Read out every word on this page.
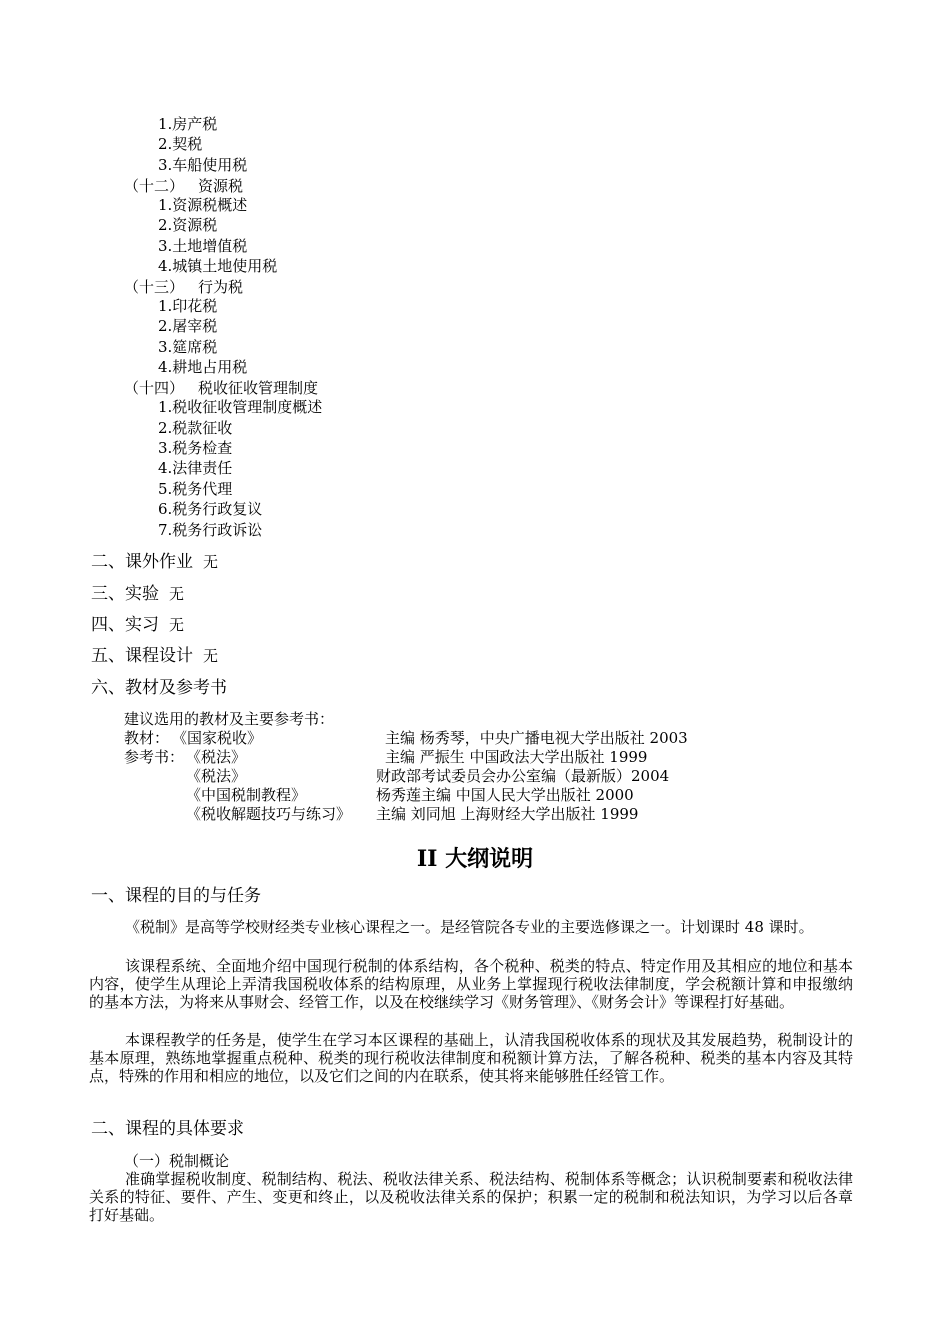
1.房产税
2.契税
3.车船使用税
（十二） 资源税
1.资源税概述
2.资源税
3.土地增值税
4.城镇土地使用税
（十三） 行为税
1.印花税
2.屠宰税
3.筵席税
4.耕地占用税
（十四） 税收征收管理制度
1.税收征收管理制度概述
2.税款征收
3.税务检查
4.法律责任
5.税务代理
6.税务行政复议
7.税务行政诉讼
二、课外作业 无
三、实验 无
四、实习 无
五、课程设计 无
六、教材及参考书
建议选用的教材及主要参考书：
教材： 《国家税收》	主编 杨秀琴，中央广播电视大学出版社 2003
参考书： 《税法》	主编 严振生 中国政法大学出版社 1999
《税法》	财政部考试委员会办公室编（最新版）2004
《中国税制教程》	杨秀莲主编 中国人民大学出版社 2000
《税收解题技巧与练习》 主编 刘同旭 上海财经大学出版社 1999
II 大纲说明
一、课程的目的与任务
《税制》是高等学校财经类专业核心课程之一。是经管院各专业的主要选修课之一。计划课时 48 课时。
该课程系统、全面地介绍中国现行税制的体系结构，各个税种、税类的特点、特定作用及其相应的地位和基本内容，使学生从理论上弄清我国税收体系的结构原理，从业务上掌握现行税收法律制度，学会税额计算和申报缴纳的基本方法，为将来从事财会、经管工作，以及在校继续学习《财务管理》、《财务会计》等课程打好基础。
本课程教学的任务是，使学生在学习本区课程的基础上，认清我国税收体系的现状及其发展趋势，税制设计的基本原理，熟练地掌握重点税种、税类的现行税收法律制度和税额计算方法，了解各税种、税类的基本内容及其特点，特殊的作用和相应的地位，以及它们之间的内在联系，使其将来能够胜任经管工作。
二、课程的具体要求
（一）税制概论
准确掌握税收制度、税制结构、税法、税收法律关系、税法结构、税制体系等概念；认识税制要素和税收法律关系的特征、要件、产生、变更和终止，以及税收法律关系的保护；积累一定的税制和税法知识，为学习以后各章打好基础。
